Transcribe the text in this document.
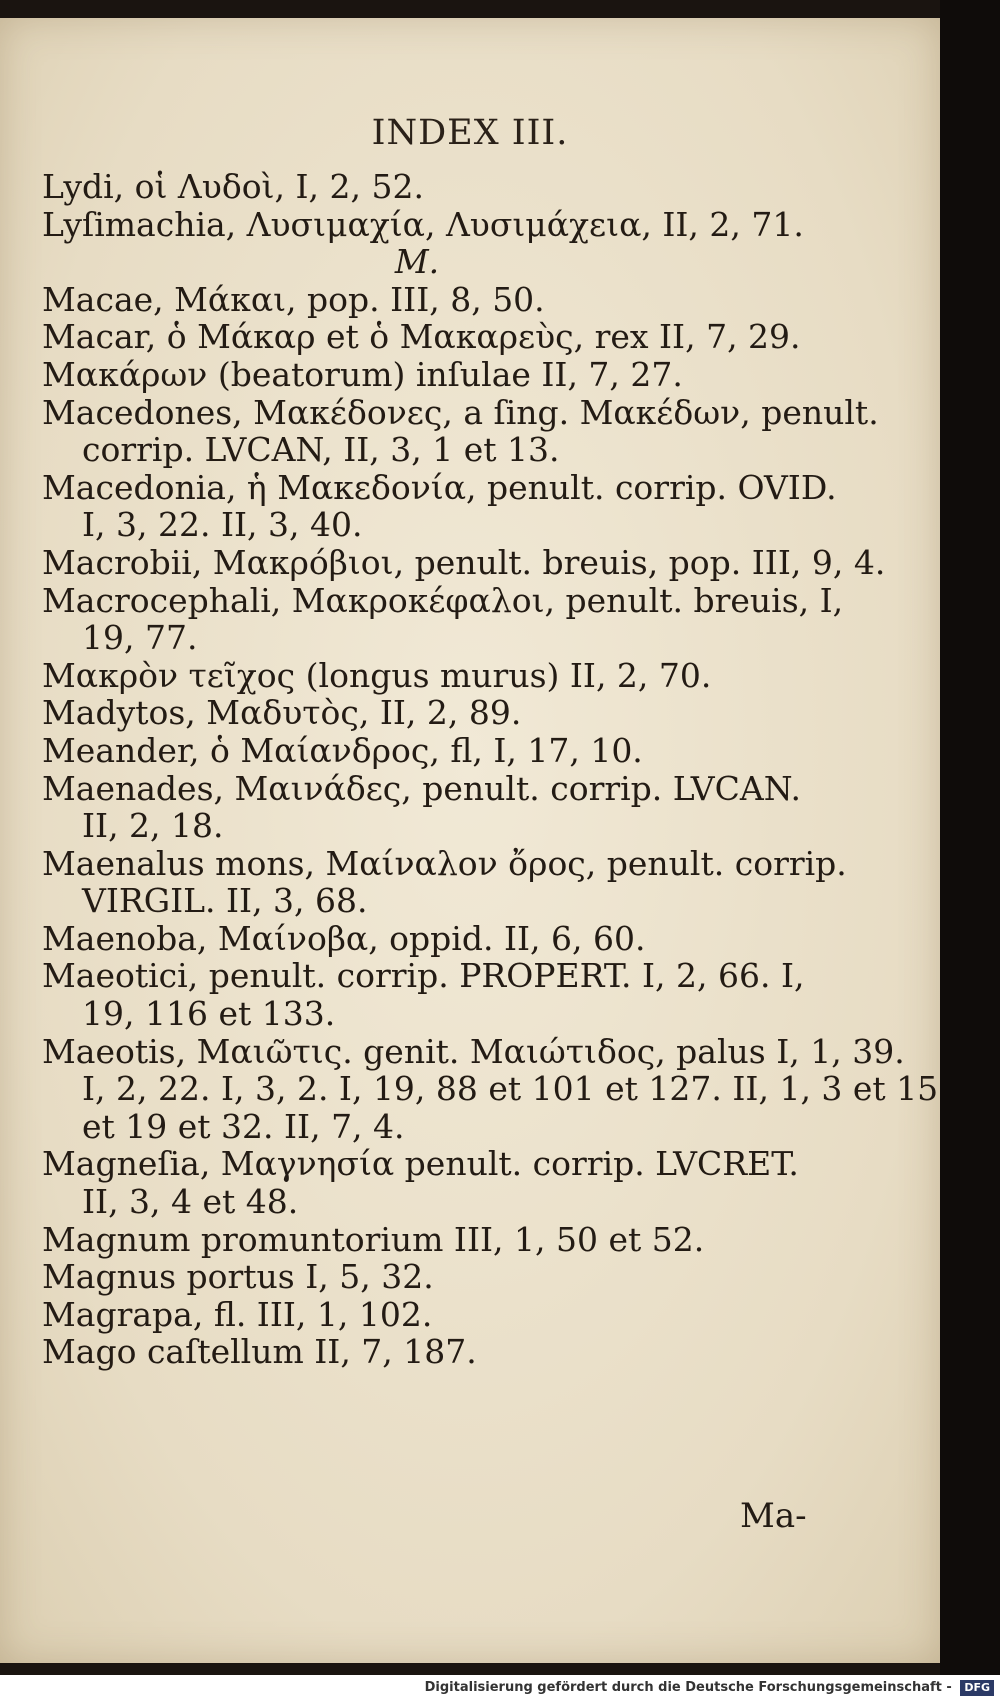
INDEX III.
Lydi, οἱ Λυδοὶ, I, 2, 52.
Lyſimachia, Λυσιμαχία, Λυσιμάχεια, II, 2, 71.
M.
Macae, Μάκαι, pop. III, 8, 50.
Macar, ὁ Μάκαρ et ὁ Μακαρεὺς, rex II, 7, 29.
Μακάρων (beatorum) inſulae II, 7, 27.
Macedones, Μακέδονες, a ſing. Μακέδων, penult.
corrip. LVCAN, II, 3, 1 et 13.
Macedonia, ἡ Μακεδονία, penult. corrip. OVID.
I, 3, 22. II, 3, 40.
Macrobii, Μακρόβιοι, penult. breuis, pop. III, 9, 4.
Macrocephali, Μακροκέφαλοι, penult. breuis, I,
19, 77.
Μακρὸν τεῖχος (longus murus) II, 2, 70.
Madytos, Μαδυτὸς, II, 2, 89.
Meander, ὁ Μαίανδρος, fl, I, 17, 10.
Maenades, Μαινάδες, penult. corrip. LVCAN.
II, 2, 18.
Maenalus mons, Μαίναλον ὄρος, penult. corrip.
VIRGIL. II, 3, 68.
Maenoba, Μαίνοβα, oppid. II, 6, 60.
Maeotici, penult. corrip. PROPERT. I, 2, 66. I,
19, 116 et 133.
Maeotis, Μαιῶτις. genit. Μαιώτιδος, palus I, 1, 39.
I, 2, 22. I, 3, 2. I, 19, 88 et 101 et 127. II, 1, 3 et 15
et 19 et 32. II, 7, 4.
Magneſia, Μαγνησία penult. corrip. LVCRET.
II, 3, 4 et 48.
Magnum promuntorium III, 1, 50 et 52.
Magnus portus I, 5, 32.
Magrapa, fl. III, 1, 102.
Mago caſtellum II, 7, 187.
Ma-
Digitalisierung gefördert durch die Deutsche Forschungsgemeinschaft - DFG
